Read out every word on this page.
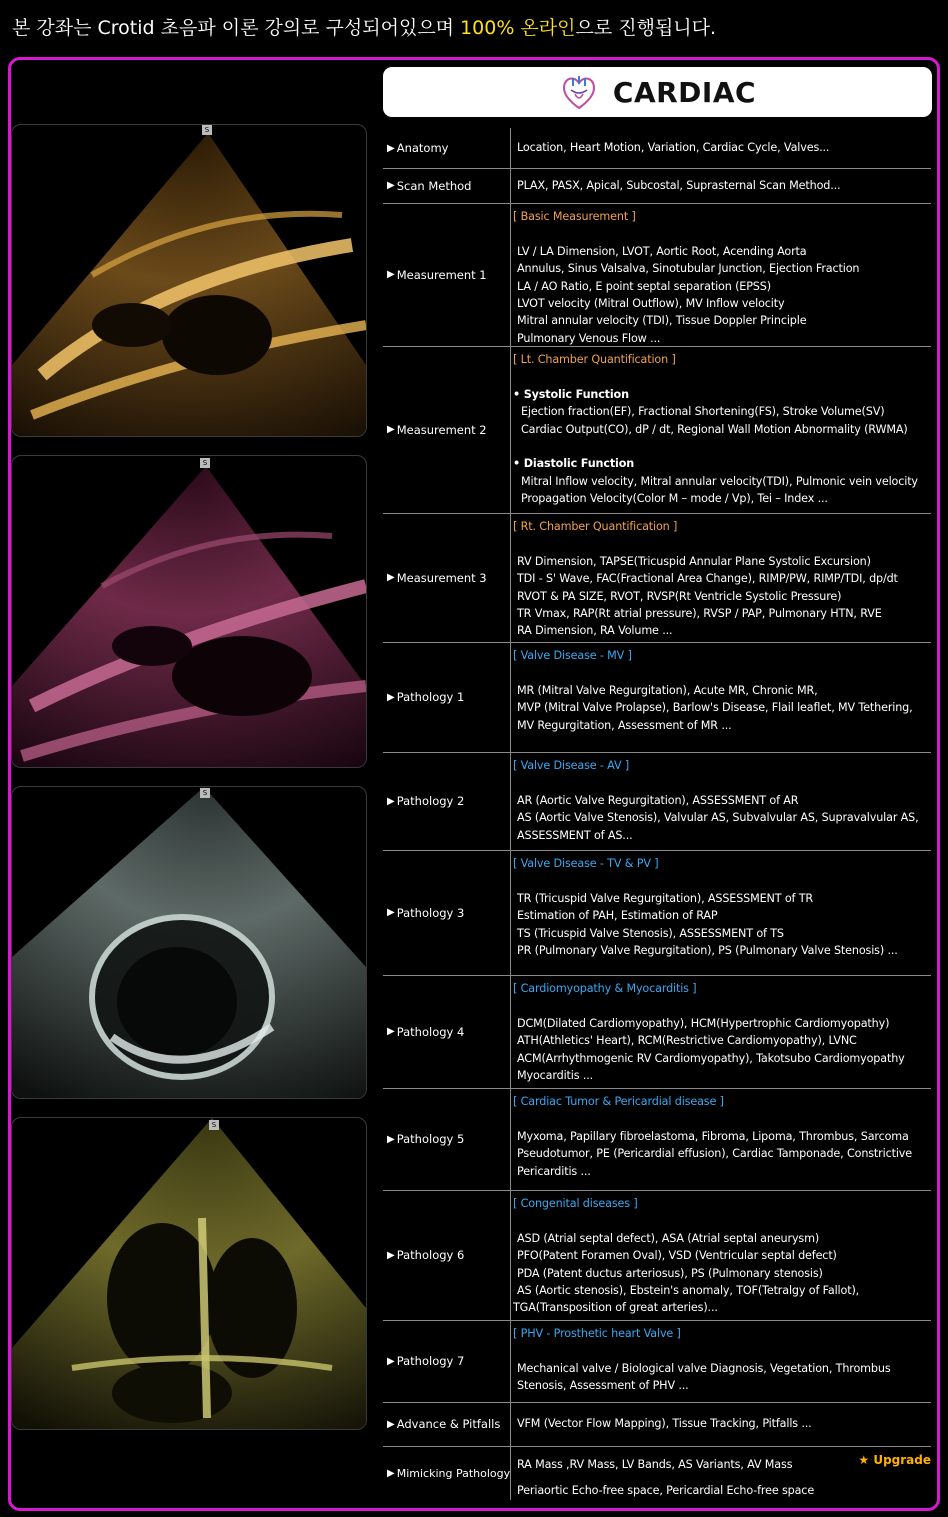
본 강좌는 Crotid 초음파 이론 강의로 구성되어있으며 100% 온라인으로 진행됩니다.
S
S
S
S
CARDIAC
▶ Anatomy	Location, Heart Motion, Variation, Cardiac Cycle, Valves...
▶ Scan Method	PLAX, PASX, Apical, Subcostal, Suprasternal Scan Method...
▶ Measurement 1
[ Basic Measurement ]

LV / LA Dimension, LVOT, Aortic Root, Acending Aorta
Annulus, Sinus Valsalva, Sinotubular Junction, Ejection Fraction
LA / AO Ratio, E point septal separation (EPSS)
LVOT velocity (Mitral Outflow), MV Inflow velocity
Mitral annular velocity (TDI), Tissue Doppler Principle
Pulmonary Venous Flow ...
▶ Measurement 2
[ Lt. Chamber Quantification ]

• Systolic Function
Ejection fraction(EF), Fractional Shortening(FS), Stroke Volume(SV)
Cardiac Output(CO), dP / dt, Regional Wall Motion Abnormality (RWMA)

• Diastolic Function
Mitral Inflow velocity, Mitral annular velocity(TDI), Pulmonic vein velocity
Propagation Velocity(Color M – mode / Vp), Tei – Index ...
▶ Measurement 3
[ Rt. Chamber Quantification ]

RV Dimension, TAPSE(Tricuspid Annular Plane Systolic Excursion)
TDI - S' Wave, FAC(Fractional Area Change), RIMP/PW, RIMP/TDI, dp/dt
RVOT & PA SIZE, RVOT, RVSP(Rt Ventricle Systolic Pressure)
TR Vmax, RAP(Rt atrial pressure), RVSP / PAP, Pulmonary HTN, RVE
RA Dimension, RA Volume ...
▶ Pathology 1
[ Valve Disease - MV ]

MR (Mitral Valve Regurgitation), Acute MR, Chronic MR,
MVP (Mitral Valve Prolapse), Barlow's Disease, Flail leaflet, MV Tethering,
MV Regurgitation, Assessment of MR ...
▶ Pathology 2
[ Valve Disease - AV ]

AR (Aortic Valve Regurgitation), ASSESSMENT of AR
AS (Aortic Valve Stenosis), Valvular AS, Subvalvular AS, Supravalvular AS,
ASSESSMENT of AS...
▶ Pathology 3
[ Valve Disease - TV & PV ]

TR (Tricuspid Valve Regurgitation), ASSESSMENT of TR
Estimation of PAH, Estimation of RAP
TS (Tricuspid Valve Stenosis), ASSESSMENT of TS
PR (Pulmonary Valve Regurgitation), PS (Pulmonary Valve Stenosis) ...
▶ Pathology 4
[ Cardiomyopathy & Myocarditis ]

DCM(Dilated Cardiomyopathy), HCM(Hypertrophic Cardiomyopathy)
ATH(Athletics' Heart), RCM(Restrictive Cardiomyopathy), LVNC
ACM(Arrhythmogenic RV Cardiomyopathy), Takotsubo Cardiomyopathy
Myocarditis ...
▶ Pathology 5
[ Cardiac Tumor & Pericardial disease ]

Myxoma, Papillary fibroelastoma, Fibroma, Lipoma, Thrombus, Sarcoma
Pseudotumor, PE (Pericardial effusion), Cardiac Tamponade, Constrictive
Pericarditis ...
▶ Pathology 6
[ Congenital diseases ]

ASD (Atrial septal defect), ASA (Atrial septal aneurysm)
PFO(Patent Foramen Oval), VSD (Ventricular septal defect)
PDA (Patent ductus arteriosus), PS (Pulmonary stenosis)
AS (Aortic stenosis), Ebstein's anomaly, TOF(Tetralgy of Fallot),
TGA(Transposition of great arteries)...
▶ Pathology 7
[ PHV - Prosthetic heart Valve ]

Mechanical valve / Biological valve Diagnosis, Vegetation, Thrombus
Stenosis, Assessment of PHV ...
▶ Advance & Pitfalls VFM (Vector Flow Mapping), Tissue Tracking, Pitfalls ...
▶ Mimicking Pathology
RA Mass ,RV Mass, LV Bands, AS Variants, AV Mass
Periaortic Echo-free space, Pericardial Echo-free space
★ Upgrade
